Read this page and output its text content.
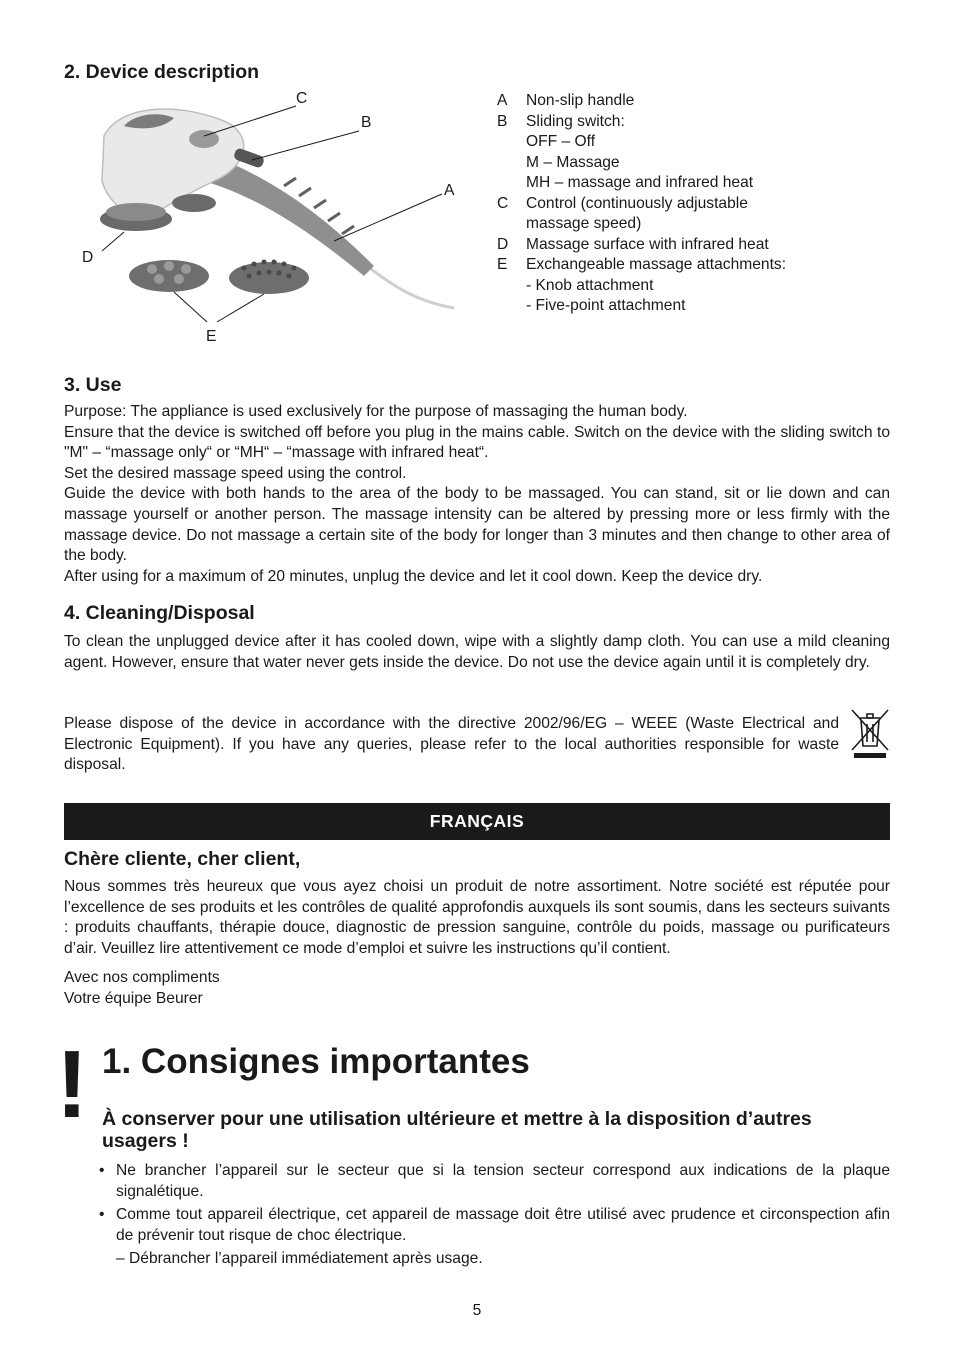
2. Device description
C
B
A
D
E
A	Non-slip handle
B	Sliding switch:
OFF – Off
M – Massage
MH – massage and infrared heat
C	Control (continuously adjustable
massage speed)
D	Massage surface with infrared heat
E	Exchangeable massage attachments:
- Knob attachment
- Five-point attachment
3. Use

Purpose: The appliance is used exclusively for the purpose of massaging the human body.

Ensure that the device is switched off before you plug in the mains cable. Switch on the device with the sliding switch to "M" – “massage only“ or “MH“ – “massage with infrared heat“.

Set the desired massage speed using the control.

Guide the device with both hands to the area of the body to be massaged. You can stand, sit or lie down and can massage yourself or another person. The massage intensity can be altered by pressing more or less firmly with the massage device. Do not massage a certain site of the body for longer than 3 minutes and then change to other area of the body.

After using for a maximum of 20 minutes, unplug the device and let it cool down. Keep the device dry.

4. Cleaning/Disposal

To clean the unplugged device after it has cooled down, wipe with a slightly damp cloth. You can use a mild cleaning agent. However, ensure that water never gets inside the device. Do not use the device again until it is completely dry.

Please dispose of the device in accordance with the directive 2002/96/EG – WEEE (Waste Electrical and Electronic Equipment). If you have any queries, please refer to the local authorities responsible for waste disposal.

FRANÇAIS
Chère cliente, cher client,

Nous sommes très heureux que vous ayez choisi un produit de notre assortiment. Notre société est réputée pour l’excellence de ses produits et les contrôles de qualité approfondis auxquels ils sont soumis, dans les secteurs suivants : produits chauffants, thérapie douce, diagnostic de pression sanguine, contrôle du poids, massage ou purificateurs d’air. Veuillez lire attentivement ce mode d’emploi et suivre les instructions qu’il contient.

Avec nos compliments

Votre équipe Beurer

! 1. Consignes importantes
À conserver pour une utilisation ultérieure et mettre à la disposition d’autres usagers !
• Ne brancher l’appareil sur le secteur que si la tension secteur correspond aux indications de la plaque signalétique.
• Comme tout appareil électrique, cet appareil de massage doit être utilisé avec prudence et circonspection afin de prévenir tout risque de choc électrique.
– Débrancher l’appareil immédiatement après usage.
5
